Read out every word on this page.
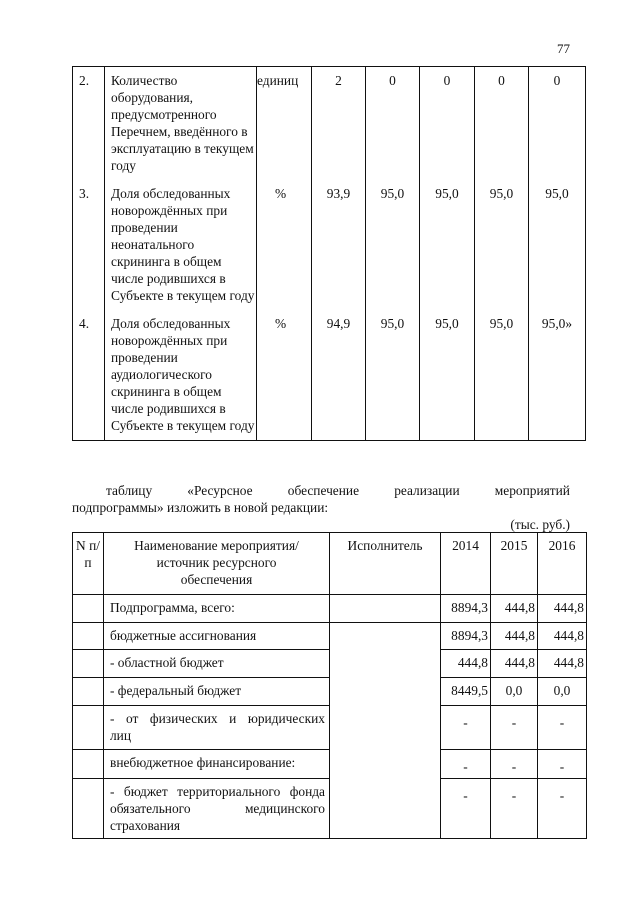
77
2.	Количество оборудования, предусмотренного Перечнем, введённого в эксплуатацию в текущем году	единиц	2	0	0	0	0
3.	Доля обследованных новорождённых при проведении неонатального скрининга в общем числе родившихся в Субъекте в текущем году	%	93,9	95,0	95,0	95,0	95,0
4.	Доля обследованных новорождённых при проведении аудиологического скрининга в общем числе родившихся в Субъекте в текущем году	%	94,9	95,0	95,0	95,0	95,0»
таблицу	«Ресурсное	обеспечение	реализации	мероприятий
подпрограммы» изложить в новой редакции:
(тыс. руб.)
N п/п	Наименование мероприятия/источник ресурсного обеспечения	Исполнитель	2014	2015	2016
	Подпрограмма, всего:		8894,3	444,8	444,8
	бюджетные ассигнования		8894,3	444,8	444,8
	- областной бюджет		444,8	444,8	444,8
	- федеральный бюджет		8449,5	0,0	0,0
	- от физических и юридических лиц		-	-	-
	внебюджетное финансирование:		-	-	-
	- бюджет территориального фонда обязательного медицинского страхования		-	-	-
